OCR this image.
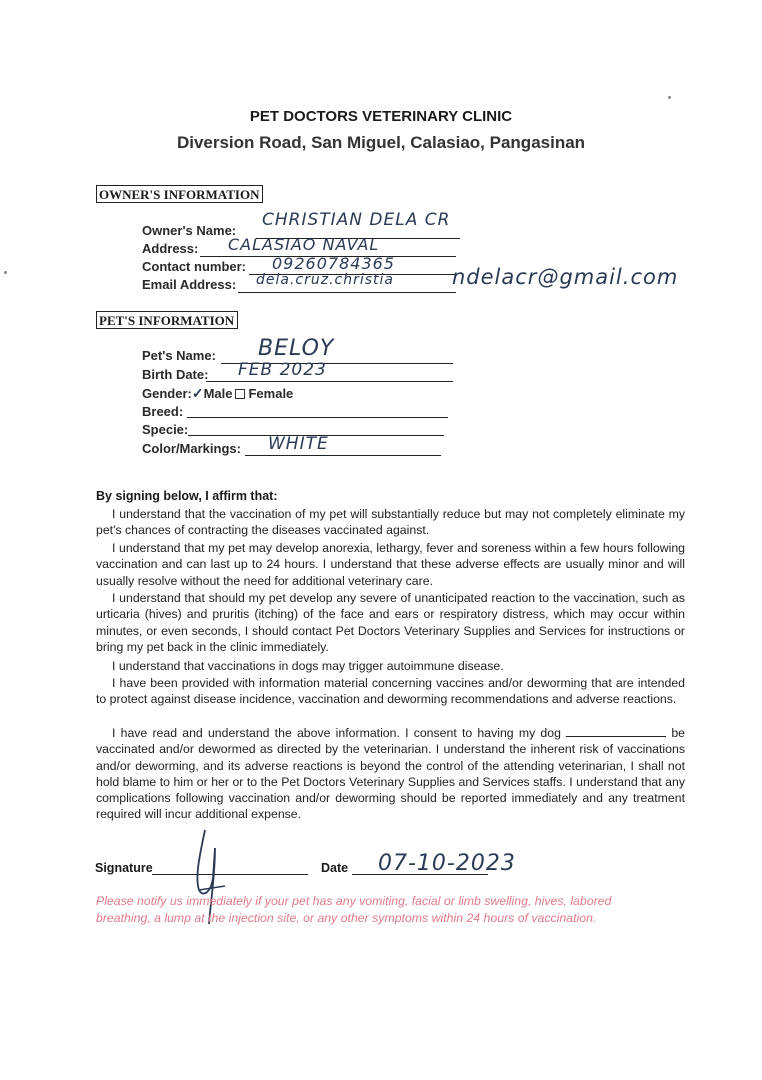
PET DOCTORS VETERINARY CLINIC
Diversion Road, San Miguel, Calasiao, Pangasinan
OWNER'S INFORMATION
Owner's Name:
CHRISTIAN DELA CR
Address: CALASIAO NAVAL
Contact number: 09260784365
Email Address: dela.cruz.christia	ndelacr@gmail.com
PET'S INFORMATION
Pet's Name: BELOY
Birth Date: FEB 2023
Gender:✓Male Female
Breed:
Specie:
Color/Markings: WHITE
By signing below, I affirm that:
I understand that the vaccination of my pet will substantially reduce but may not completely eliminate my pet's chances of contracting the diseases vaccinated against.
I understand that my pet may develop anorexia, lethargy, fever and soreness within a few hours following vaccination and can last up to 24 hours. I understand that these adverse effects are usually minor and will usually resolve without the need for additional veterinary care.
I understand that should my pet develop any severe of unanticipated reaction to the vaccination, such as urticaria (hives) and pruritis (itching) of the face and ears or respiratory distress, which may occur within minutes, or even seconds, I should contact Pet Doctors Veterinary Supplies and Services for instructions or bring my pet back in the clinic immediately.
I understand that vaccinations in dogs may trigger autoimmune disease.
I have been provided with information material concerning vaccines and/or deworming that are intended to protect against disease incidence, vaccination and deworming recommendations and adverse reactions.
I have read and understand the above information. I consent to having my dog	be vaccinated and/or dewormed as directed by the veterinarian. I understand the inherent risk of vaccinations and/or deworming, and its adverse reactions is beyond the control of the attending veterinarian, I shall not hold blame to him or her or to the Pet Doctors Veterinary Supplies and Services staffs. I understand that any complications following vaccination and/or deworming should be reported immediately and any treatment required will incur additional expense.
Signature	Date 07-10-2023
Please notify us immediately if your pet has any vomiting, facial or limb swelling, hives, labored breathing, a lump at the injection site, or any other symptoms within 24 hours of vaccination.
